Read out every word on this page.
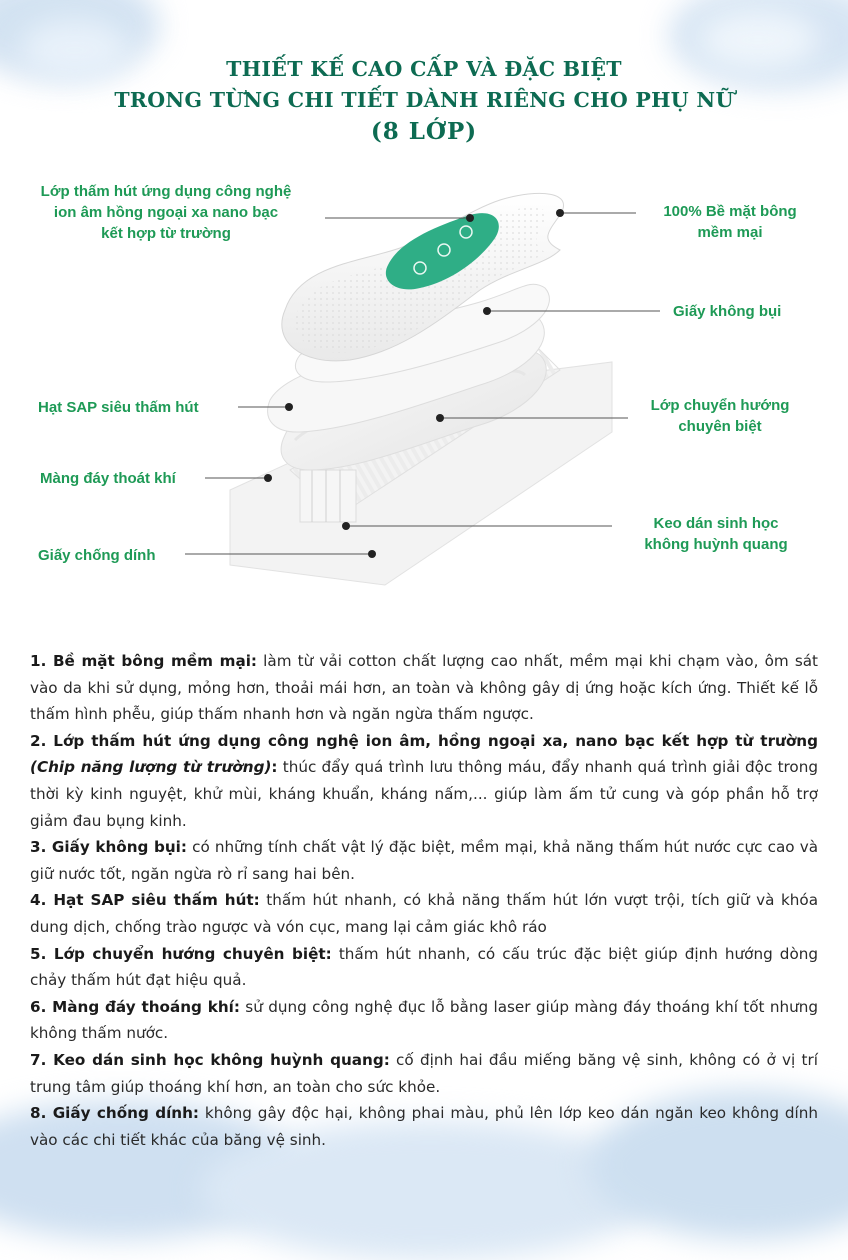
THIẾT KẾ CAO CẤP VÀ ĐẶC BIỆT
TRONG TỪNG CHI TIẾT DÀNH RIÊNG CHO PHỤ NỮ
(8 LỚP)
Lớp thấm hút ứng dụng công nghệ
ion âm hồng ngoại xa nano bạc
kết hợp từ trường
100% Bề mặt bông
mềm mại
Giấy không bụi
Hạt SAP siêu thấm hút	Lớp chuyển hướng
chuyên biệt
Màng đáy thoát khí
Keo dán sinh học
không huỳnh quang
Giấy chống dính

1. Bề mặt bông mềm mại: làm từ vải cotton chất lượng cao nhất, mềm mại khi chạm vào, ôm sát vào da khi sử dụng, mỏng hơn, thoải mái hơn, an toàn và không gây dị ứng hoặc kích ứng. Thiết kế lỗ thấm hình phễu, giúp thấm nhanh hơn và ngăn ngừa thấm ngược.

2. Lớp thấm hút ứng dụng công nghệ ion âm, hồng ngoại xa, nano bạc kết hợp từ trường (Chip năng lượng từ trường): thúc đẩy quá trình lưu thông máu, đẩy nhanh quá trình giải độc trong thời kỳ kinh nguyệt, khử mùi, kháng khuẩn, kháng nấm,... giúp làm ấm tử cung và góp phần hỗ trợ giảm đau bụng kinh.

3. Giấy không bụi: có những tính chất vật lý đặc biệt, mềm mại, khả năng thấm hút nước cực cao và giữ nước tốt, ngăn ngừa rò rỉ sang hai bên.

4. Hạt SAP siêu thấm hút: thấm hút nhanh, có khả năng thấm hút lớn vượt trội, tích giữ và khóa dung dịch, chống trào ngược và vón cục, mang lại cảm giác khô ráo

5. Lớp chuyển hướng chuyên biệt: thấm hút nhanh, có cấu trúc đặc biệt giúp định hướng dòng chảy thấm hút đạt hiệu quả.

6. Màng đáy thoáng khí: sử dụng công nghệ đục lỗ bằng laser giúp màng đáy thoáng khí tốt nhưng không thấm nước.

7. Keo dán sinh học không huỳnh quang: cố định hai đầu miếng băng vệ sinh, không có ở vị trí trung tâm giúp thoáng khí hơn, an toàn cho sức khỏe.

8. Giấy chống dính: không gây độc hại, không phai màu, phủ lên lớp keo dán ngăn keo không dính vào các chi tiết khác của băng vệ sinh.
